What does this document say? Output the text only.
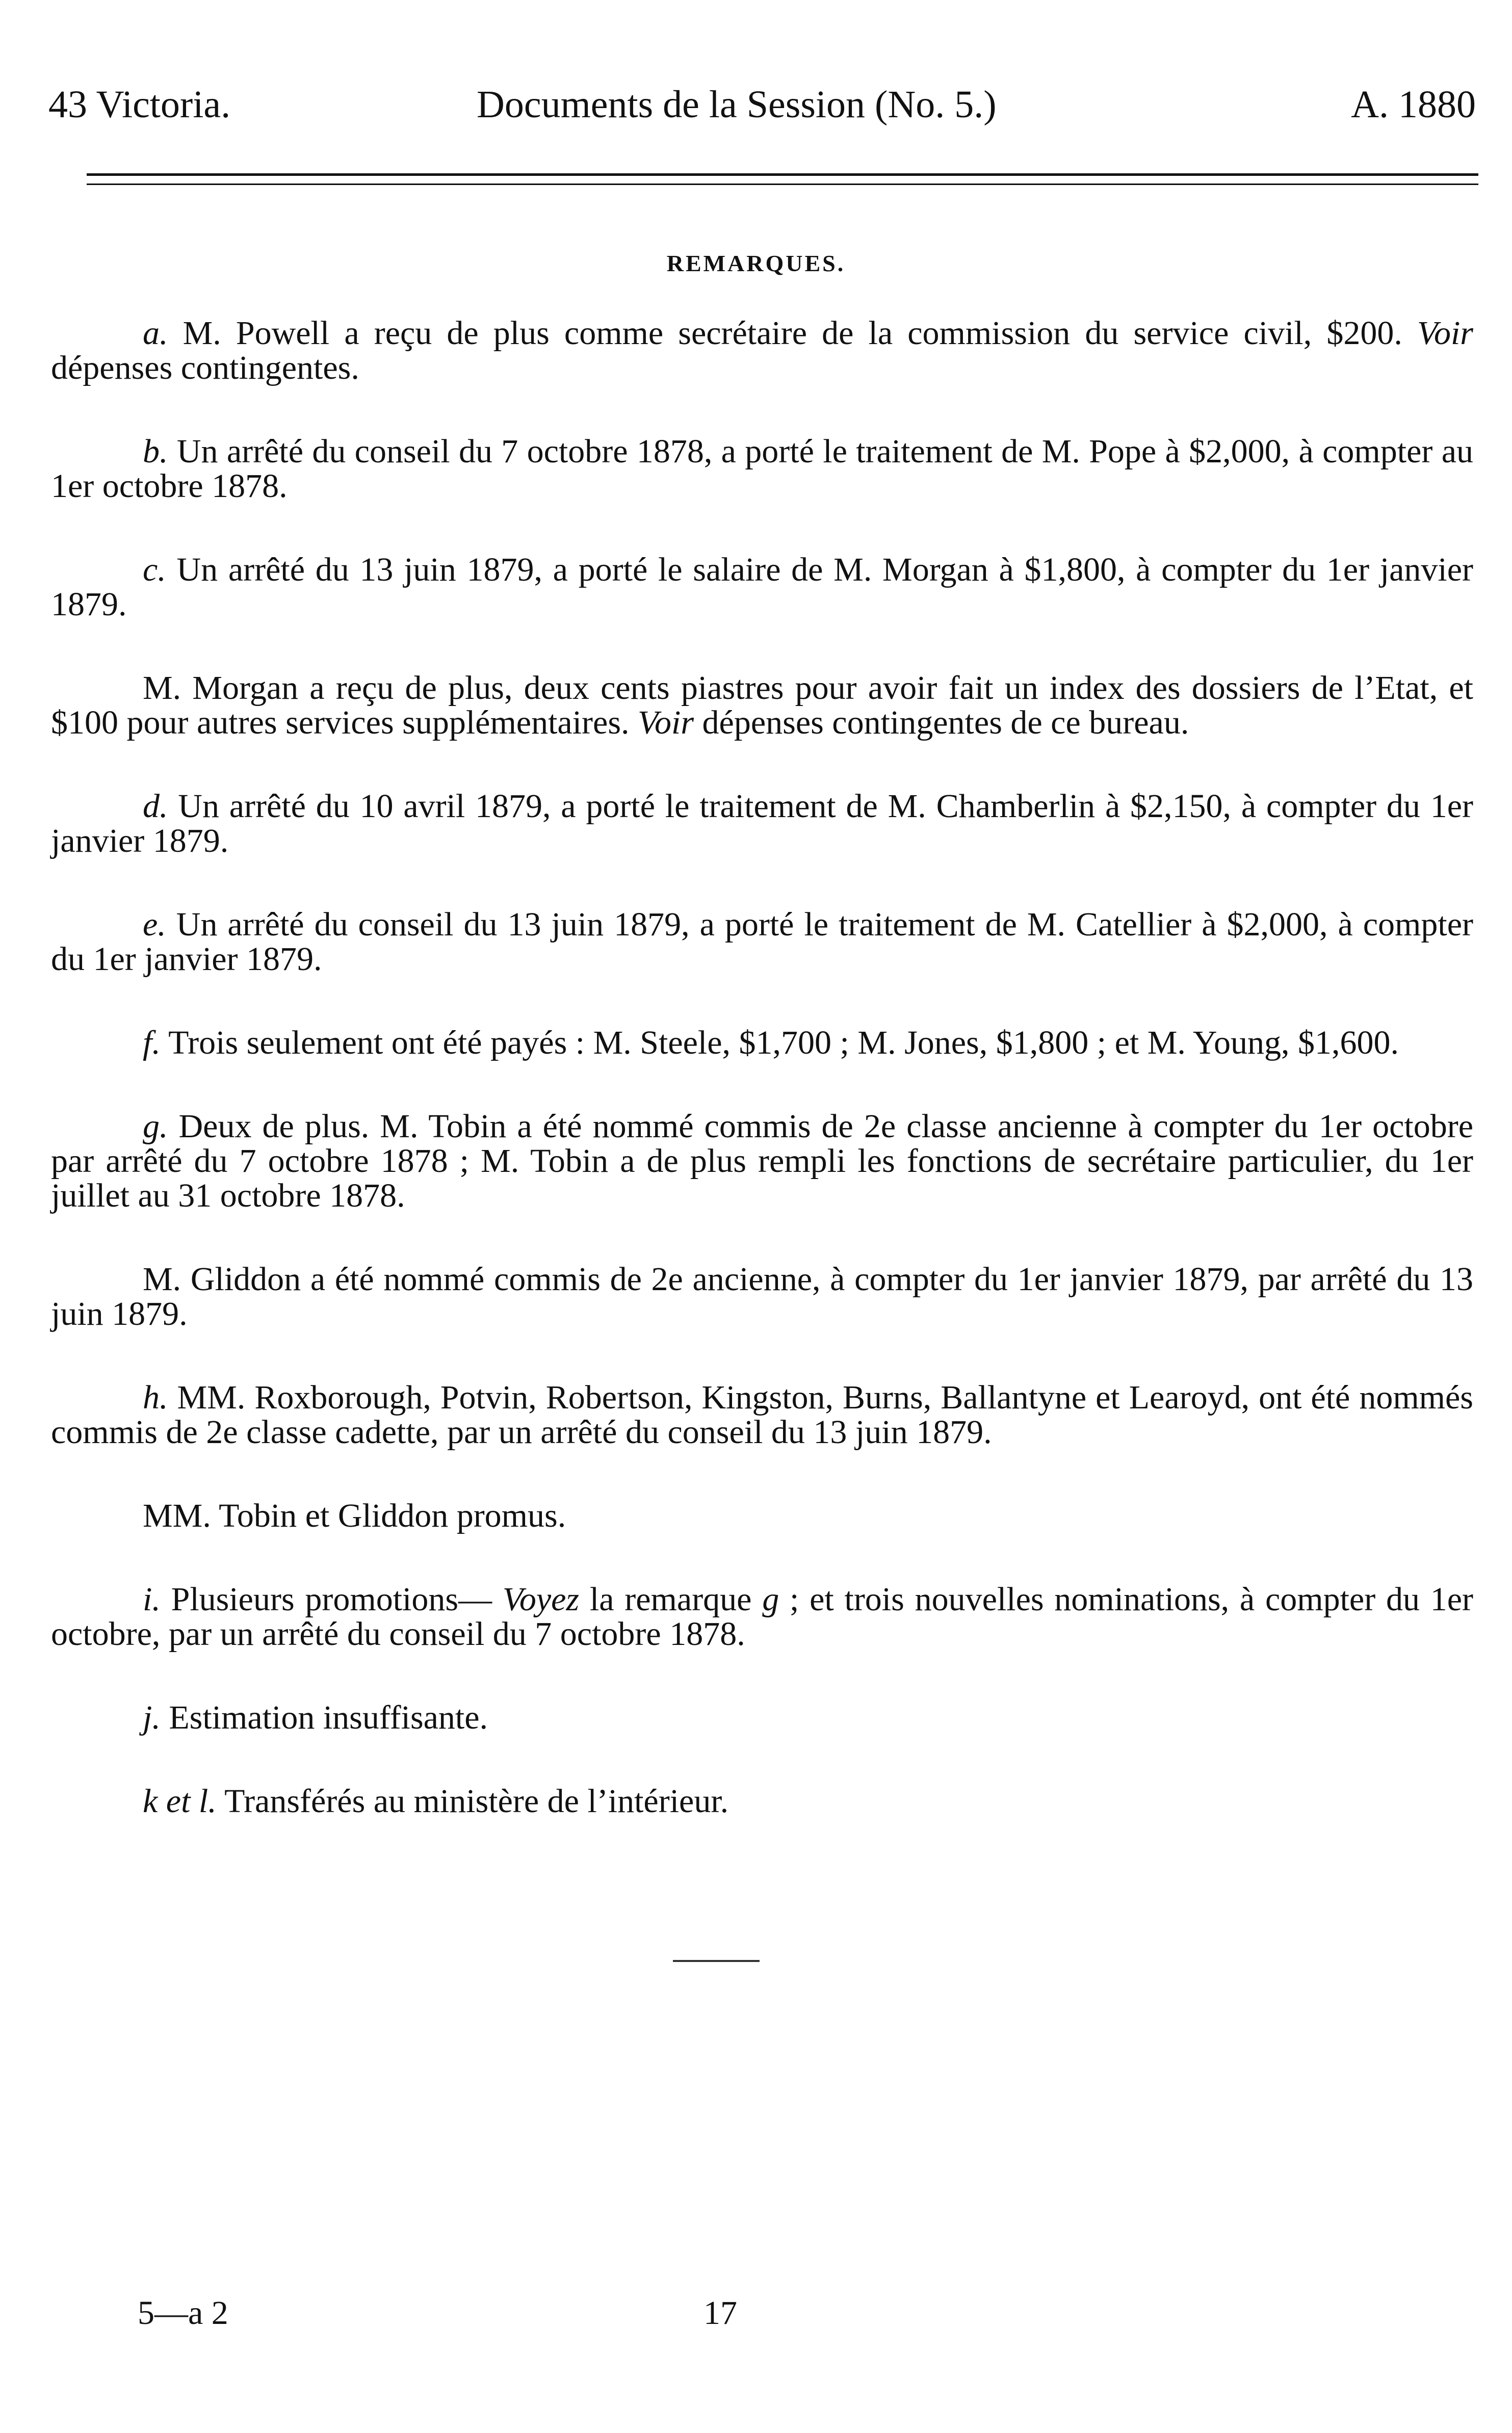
43 Victoria.	Documents de la Session (No. 5.)	A. 1880
REMARQUES.

a. M. Powell a reçu de plus comme secrétaire de la commission du service civil, $200. Voir dépenses contingentes.

b. Un arrêté du conseil du 7 octobre 1878, a porté le traitement de M. Pope à $2,000, à compter au 1er octobre 1878.

c. Un arrêté du 13 juin 1879, a porté le salaire de M. Morgan à $1,800, à compter du 1er janvier 1879.

M. Morgan a reçu de plus, deux cents piastres pour avoir fait un index des dossiers de l’Etat, et $100 pour autres services supplémentaires. Voir dépenses contingentes de ce bureau.

d. Un arrêté du 10 avril 1879, a porté le traitement de M. Chamberlin à $2,150, à compter du 1er janvier 1879.

e. Un arrêté du conseil du 13 juin 1879, a porté le traitement de M. Catellier à $2,000, à compter du 1er janvier 1879.

f. Trois seulement ont été payés : M. Steele, $1,700 ; M. Jones, $1,800 ; et M. Young, $1,600.

g. Deux de plus. M. Tobin a été nommé commis de 2e classe ancienne à compter du 1er octobre par arrêté du 7 octobre 1878 ; M. Tobin a de plus rempli les fonctions de secrétaire particulier, du 1er juillet au 31 octobre 1878.

M. Gliddon a été nommé commis de 2e ancienne, à compter du 1er janvier 1879, par arrêté du 13 juin 1879.

h. MM. Roxborough, Potvin, Robertson, Kingston, Burns, Ballantyne et Learoyd, ont été nommés commis de 2e classe cadette, par un arrêté du conseil du 13 juin 1879.

MM. Tobin et Gliddon promus.

i. Plusieurs promotions— Voyez la remarque g ; et trois nouvelles nominations, à compter du 1er octobre, par un arrêté du conseil du 7 octobre 1878.

j. Estimation insuffisante.

k et l. Transférés au ministère de l’intérieur.

5—a 2	17
